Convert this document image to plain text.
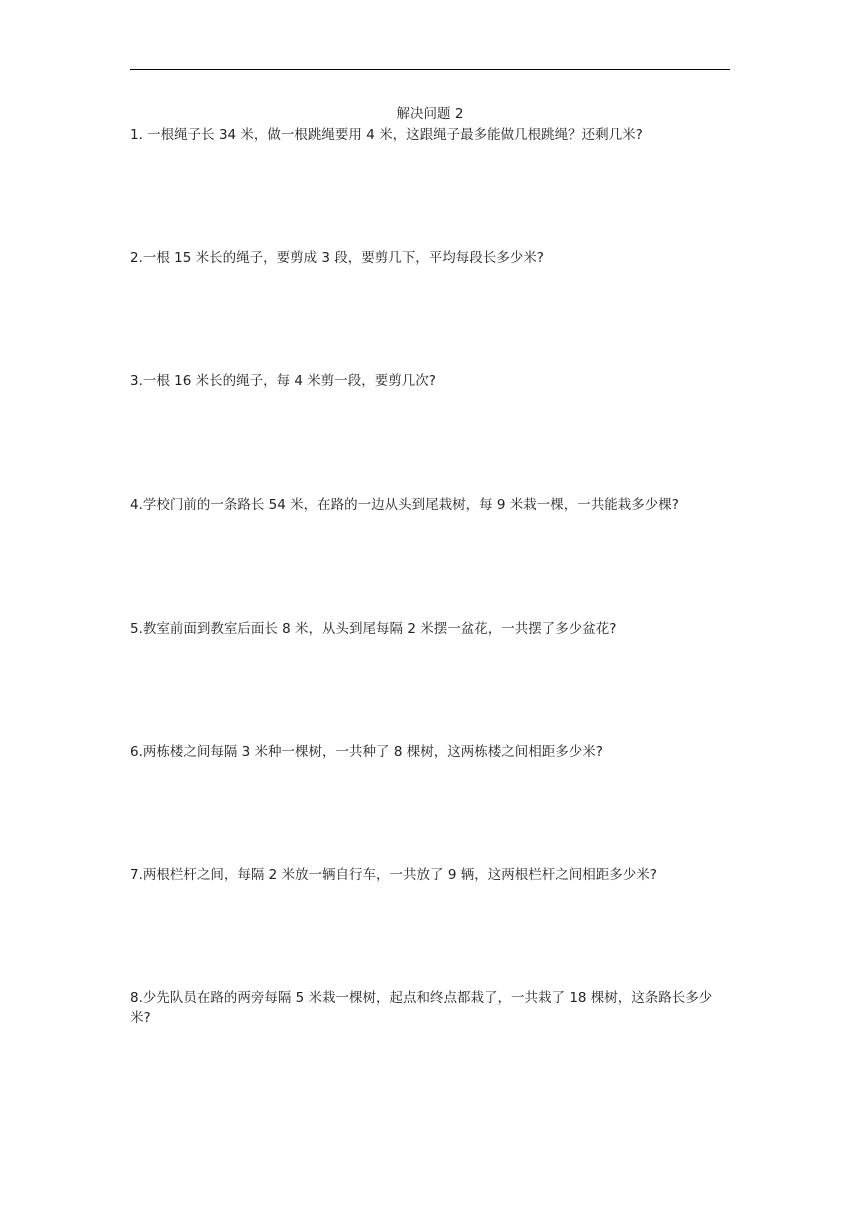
解决问题 2
1. 一根绳子长 34 米，做一根跳绳要用 4 米，这跟绳子最多能做几根跳绳？还剩几米?
2.一根 15 米长的绳子，要剪成 3 段，要剪几下，平均每段长多少米?
3.一根 16 米长的绳子，每 4 米剪一段，要剪几次?
4.学校门前的一条路长 54 米，在路的一边从头到尾栽树，每 9 米栽一棵，一共能栽多少棵?
5.教室前面到教室后面长 8 米，从头到尾每隔 2 米摆一盆花，一共摆了多少盆花?
6.两栋楼之间每隔 3 米种一棵树，一共种了 8 棵树，这两栋楼之间相距多少米?
7.两根栏杆之间，每隔 2 米放一辆自行车，一共放了 9 辆，这两根栏杆之间相距多少米?
8.少先队员在路的两旁每隔 5 米栽一棵树，起点和终点都栽了，一共栽了 18 棵树，这条路长多少米?
